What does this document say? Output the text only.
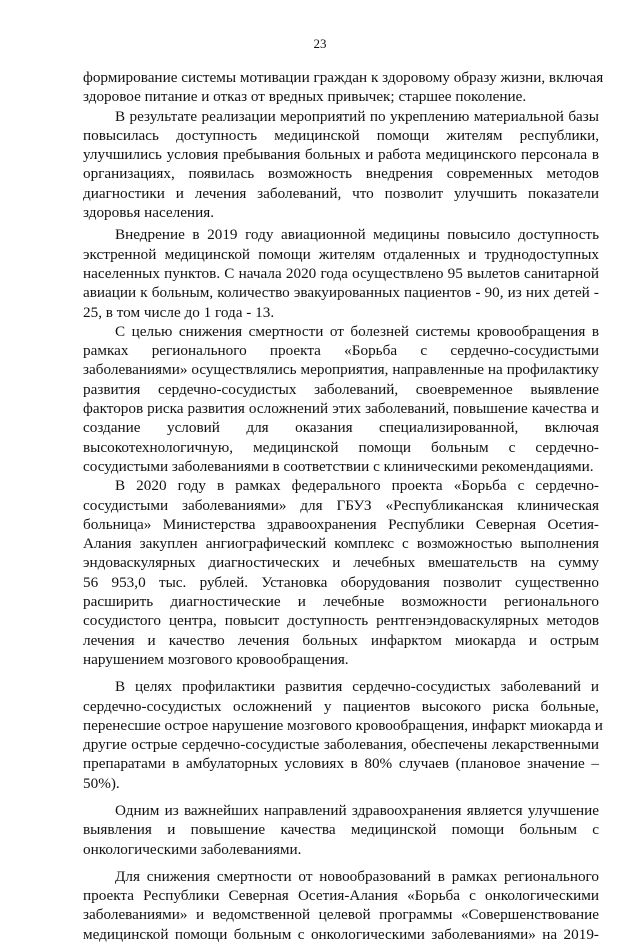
23

формирование системы мотивации граждан к здоровому образу жизни, включая
здоровое питание и отказ от вредных привычек; старшее поколение.

В результате реализации мероприятий по укреплению материальной базы
повысилась доступность медицинской помощи жителям республики,
улучшились условия пребывания больных и работа медицинского персонала в
организациях, появилась возможность внедрения современных методов
диагностики и лечения заболеваний, что позволит улучшить показатели
здоровья населения.

Внедрение в 2019 году авиационной медицины повысило доступность
экстренной медицинской помощи жителям отдаленных и труднодоступных
населенных пунктов. С начала 2020 года осуществлено 95 вылетов санитарной
авиации к больным, количество эвакуированных пациентов - 90, из них детей -
25, в том числе до 1 года - 13.

С целью снижения смертности от болезней системы кровообращения в
рамках регионального проекта «Борьба с сердечно-сосудистыми
заболеваниями» осуществлялись мероприятия, направленные на профилактику
развития сердечно-сосудистых заболеваний, своевременное выявление
факторов риска развития осложнений этих заболеваний, повышение качества и
создание условий для оказания специализированной, включая
высокотехнологичную, медицинской помощи больным с сердечно-
сосудистыми заболеваниями в соответствии с клиническими рекомендациями.

В 2020 году в рамках федерального проекта «Борьба с сердечно-
сосудистыми заболеваниями» для ГБУЗ «Республиканская клиническая
больница» Министерства здравоохранения Республики Северная Осетия-
Алания закуплен ангиографический комплекс с возможностью выполнения
эндоваскулярных диагностических и лечебных вмешательств на сумму
56 953,0 тыс. рублей. Установка оборудования позволит существенно
расширить диагностические и лечебные возможности регионального
сосудистого центра, повысит доступность рентгенэндоваскулярных методов
лечения и качество лечения больных инфарктом миокарда и острым
нарушением мозгового кровообращения.

В целях профилактики развития сердечно-сосудистых заболеваний и
сердечно-сосудистых осложнений у пациентов высокого риска больные,
перенесшие острое нарушение мозгового кровообращения, инфаркт миокарда и
другие острые сердечно-сосудистые заболевания, обеспечены лекарственными
препаратами в амбулаторных условиях в 80% случаев (плановое значение –
50%).

Одним из важнейших направлений здравоохранения является улучшение
выявления и повышение качества медицинской помощи больным с
онкологическими заболеваниями.

Для снижения смертности от новообразований в рамках регионального
проекта Республики Северная Осетия-Алания «Борьба с онкологическими
заболеваниями» и ведомственной целевой программы «Совершенствование
медицинской помощи больным с онкологическими заболеваниями» на 2019-
